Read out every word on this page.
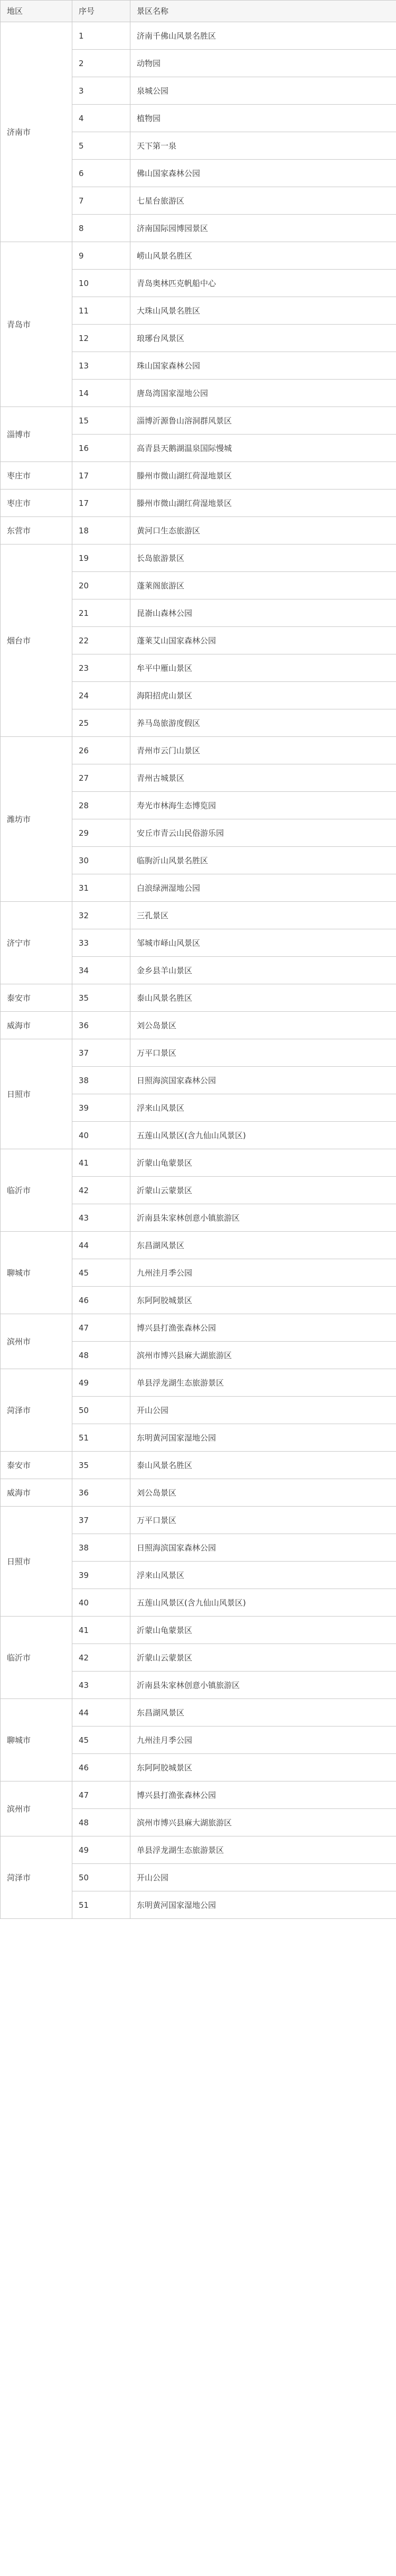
地区	序号	景区名称
济南市	1	济南千佛山风景名胜区
	2	动物园
	3	泉城公园
	4	植物园
	5	天下第一泉
	6	佛山国家森林公园
	7	七星台旅游区
	8	济南国际园博园景区
青岛市	9	崂山风景名胜区
	10	青岛奥林匹克帆船中心
	11	大珠山风景名胜区
	12	琅琊台风景区
	13	珠山国家森林公园
	14	唐岛湾国家湿地公园
淄博市	15	淄博沂源鲁山溶洞群风景区
	16	高青县天鹅湖温泉国际慢城
枣庄市	17	滕州市微山湖红荷湿地景区
枣庄市	17	滕州市微山湖红荷湿地景区
东营市	18	黄河口生态旅游区
烟台市	19	长岛旅游景区
	20	蓬莱阁旅游区
	21	昆嵛山森林公园
	22	蓬莱艾山国家森林公园
	23	牟平中雁山景区
	24	海阳招虎山景区
	25	养马岛旅游度假区
潍坊市	26	青州市云门山景区
	27	青州古城景区
	28	寿光市林海生态博览园
	29	安丘市青云山民俗游乐园
	30	临朐沂山风景名胜区
	31	白浪绿洲湿地公园
济宁市	32	三孔景区
	33	邹城市峄山风景区
	34	金乡县羊山景区
泰安市	35	泰山风景名胜区
威海市	36	刘公岛景区
日照市	37	万平口景区
	38	日照海滨国家森林公园
	39	浮来山风景区
	40	五莲山风景区(含九仙山风景区)
临沂市	41	沂蒙山龟蒙景区
	42	沂蒙山云蒙景区
	43	沂南县朱家林创意小镇旅游区
聊城市	44	东昌湖风景区
	45	九州洼月季公园
	46	东阿阿胶城景区
滨州市	47	博兴县打渔张森林公园
	48	滨州市博兴县麻大湖旅游区
菏泽市	49	单县浮龙湖生态旅游景区
	50	开山公园
	51	东明黄河国家湿地公园
泰安市	35	泰山风景名胜区
威海市	36	刘公岛景区
日照市	37	万平口景区
	38	日照海滨国家森林公园
	39	浮来山风景区
	40	五莲山风景区(含九仙山风景区)
临沂市	41	沂蒙山龟蒙景区
	42	沂蒙山云蒙景区
	43	沂南县朱家林创意小镇旅游区
聊城市	44	东昌湖风景区
	45	九州洼月季公园
	46	东阿阿胶城景区
滨州市	47	博兴县打渔张森林公园
	48	滨州市博兴县麻大湖旅游区
菏泽市	49	单县浮龙湖生态旅游景区
	50	开山公园
	51	东明黄河国家湿地公园
